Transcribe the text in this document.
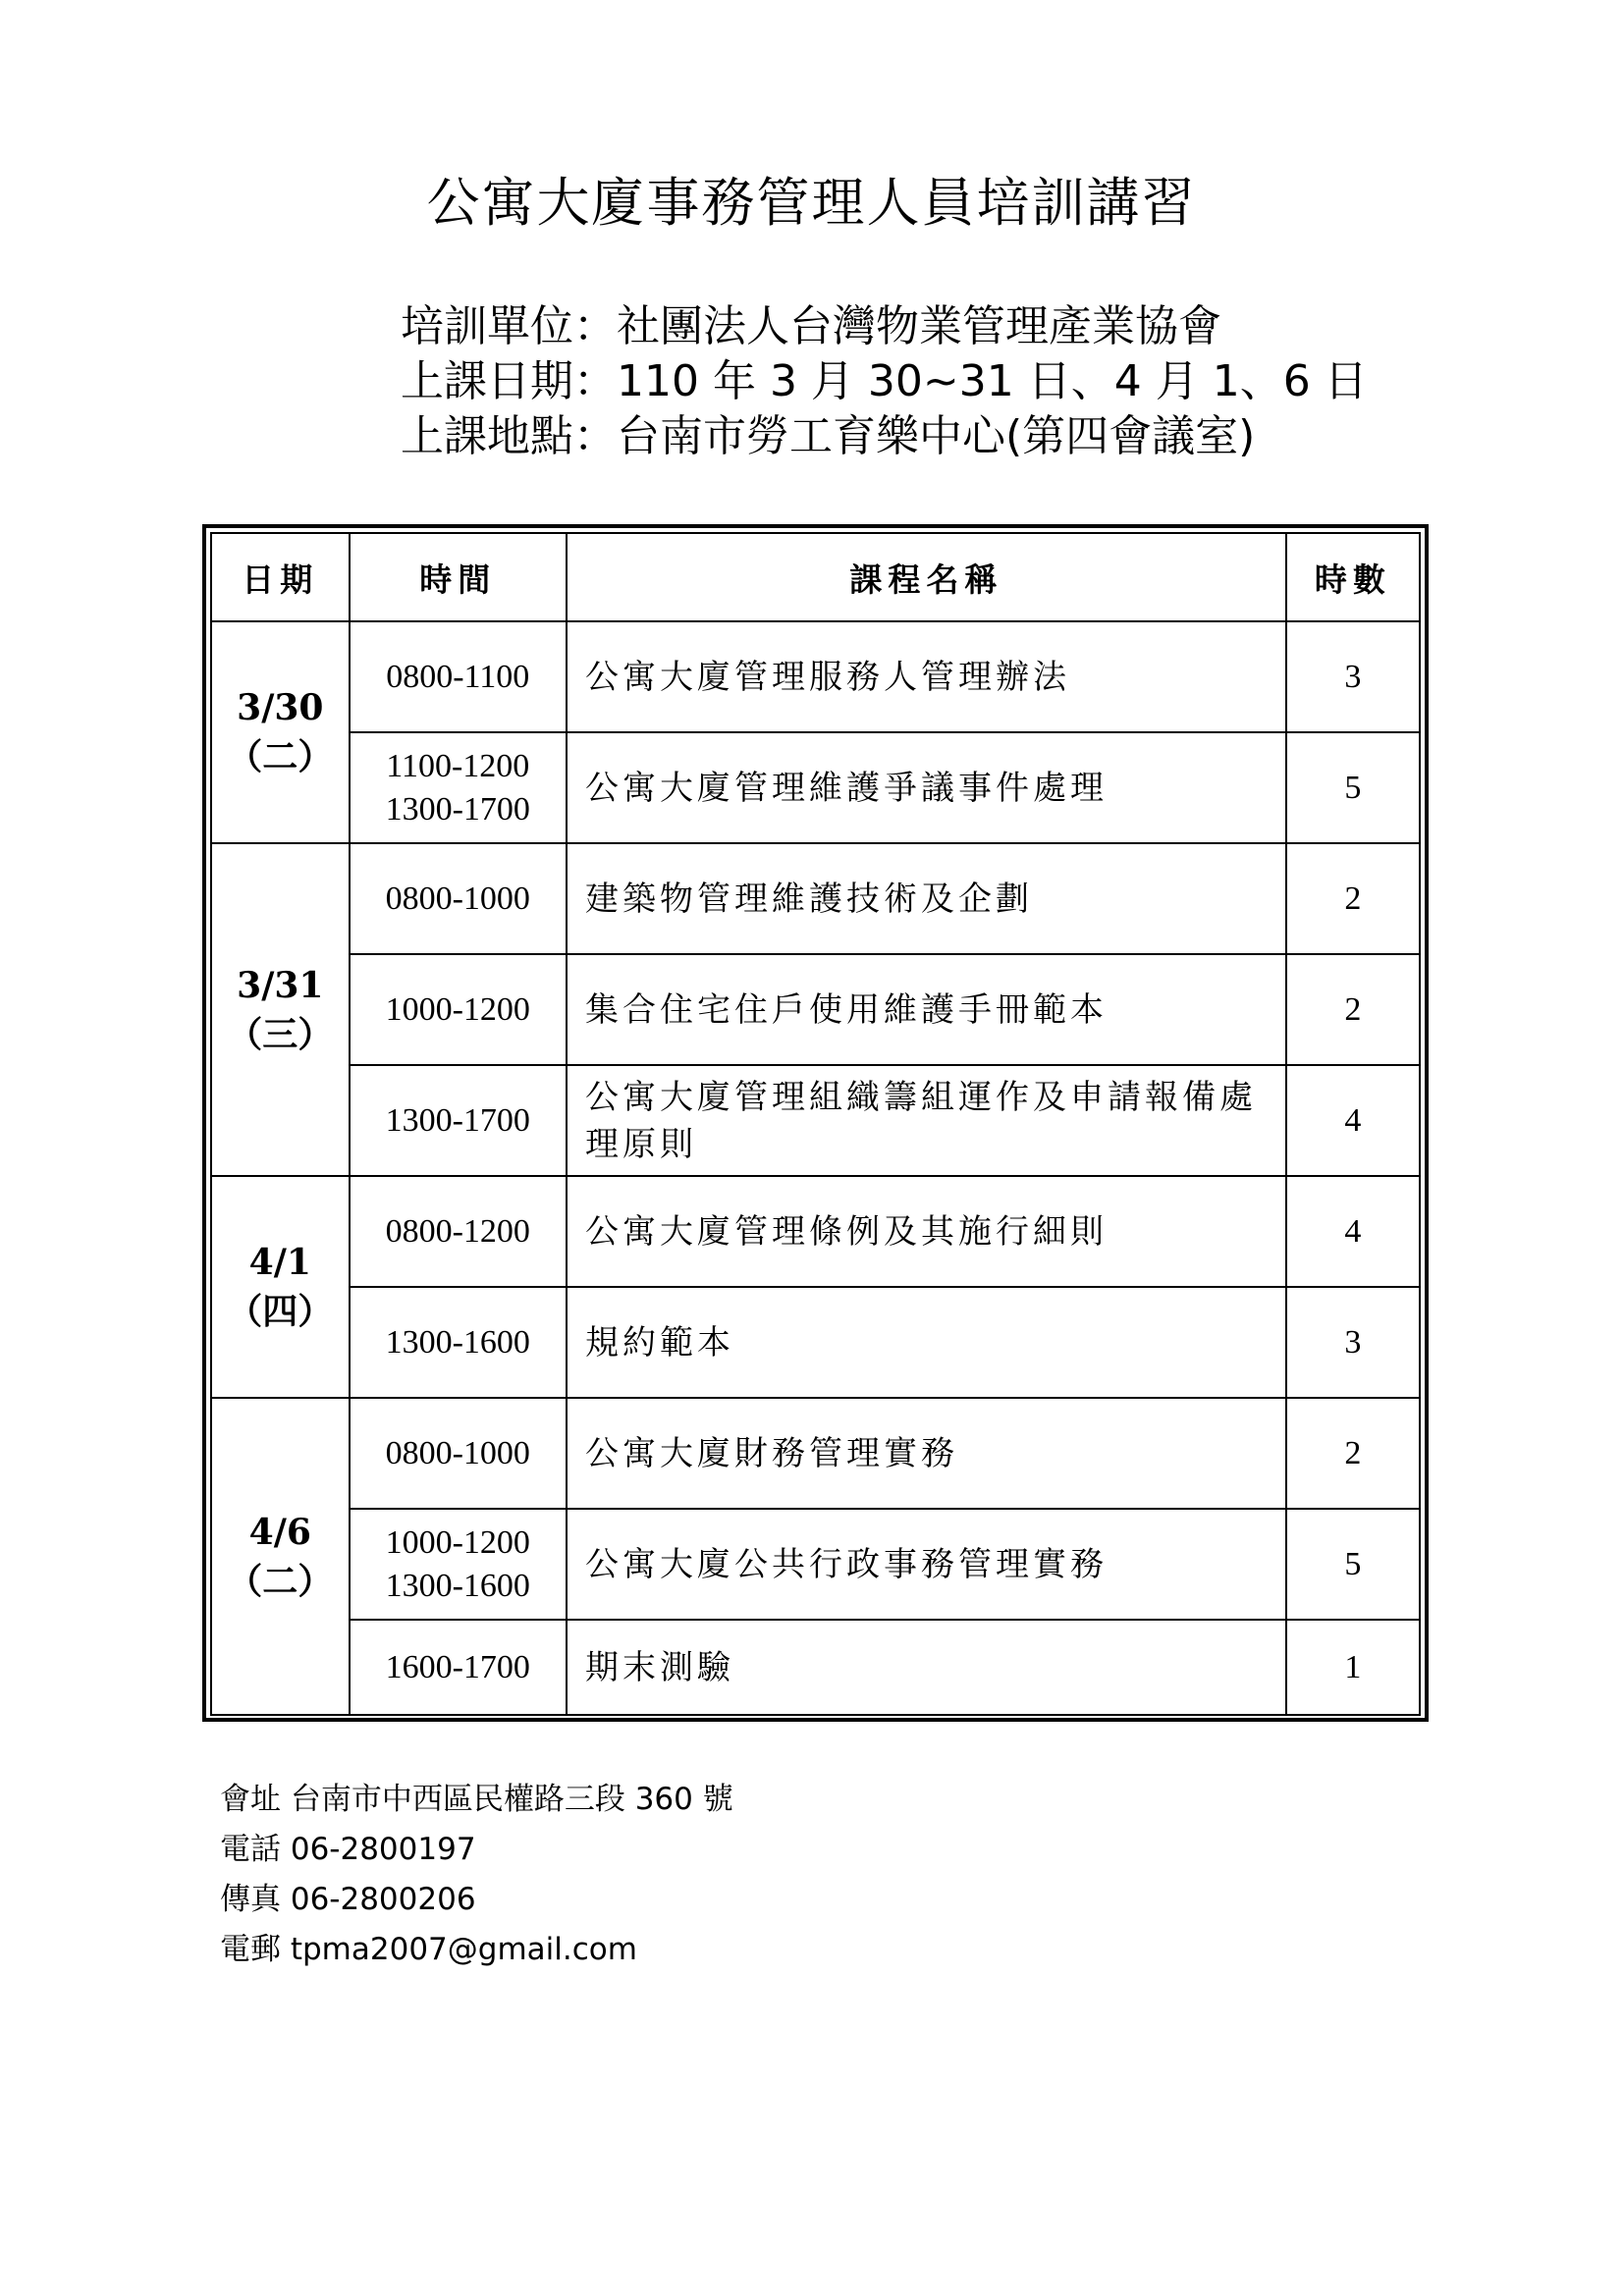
公寓大廈事務管理人員培訓講習
培訓單位：社團法人台灣物業管理產業協會
上課日期：110 年 3 月 30~31 日、4 月 1、6 日
上課地點：台南市勞工育樂中心(第四會議室)
日期	時間	課程名稱	時數

3/30
（二）	0800-1100	公寓大廈管理服務人管理辦法	3

	1100-1200
1300-1700	公寓大廈管理維護爭議事件處理	5

3/31
（三）	0800-1000	建築物管理維護技術及企劃	2

	1000-1200	集合住宅住戶使用維護手冊範本	2

	1300-1700	公寓大廈管理組織籌組運作及申請報備處理原則	4

4/1
（四）	0800-1200	公寓大廈管理條例及其施行細則	4

	1300-1600	規約範本	3

4/6
（二）	0800-1000	公寓大廈財務管理實務	2

	1000-1200
1300-1600	公寓大廈公共行政事務管理實務	5

	1600-1700	期末測驗	1
會址 台南市中西區民權路三段 360 號
電話 06-2800197
傳真 06-2800206
電郵 tpma2007@gmail.com
